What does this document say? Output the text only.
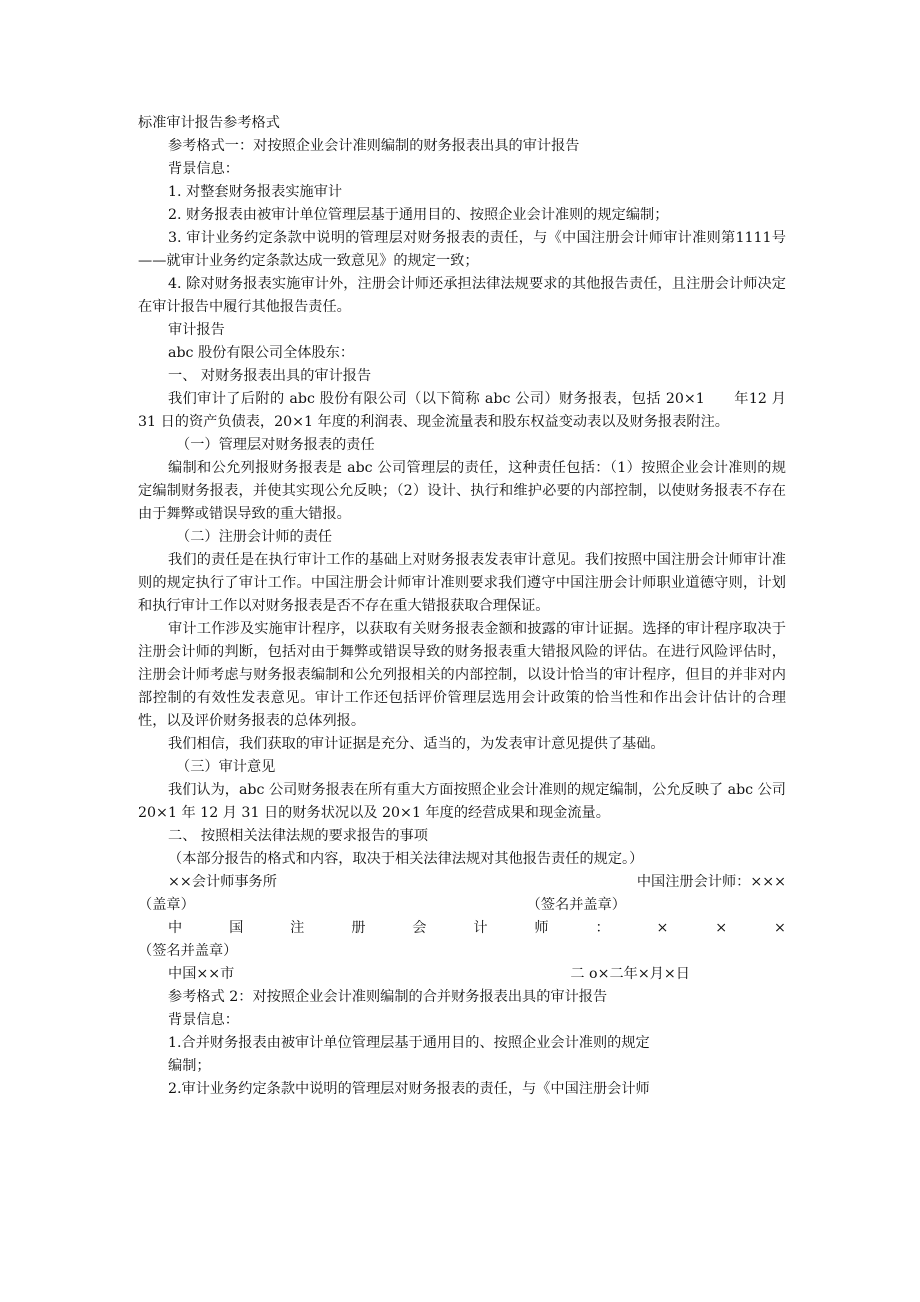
标准审计报告参考格式

参考格式一：对按照企业会计准则编制的财务报表出具的审计报告

背景信息：

1. 对整套财务报表实施审计

2. 财务报表由被审计单位管理层基于通用目的、按照企业会计准则的规定编制；

3. 审计业务约定条款中说明的管理层对财务报表的责任，与《中国注册会计师审计准则第1111号——就审计业务约定条款达成一致意见》的规定一致；

4. 除对财务报表实施审计外，注册会计师还承担法律法规要求的其他报告责任，且注册会计师决定在审计报告中履行其他报告责任。

审计报告

abc 股份有限公司全体股东：

一、 对财务报表出具的审计报告

我们审计了后附的 abc 股份有限公司（以下简称 abc 公司）财务报表，包括 20×1　　年12 月 31 日的资产负债表，20×1 年度的利润表、现金流量表和股东权益变动表以及财务报表附注。

（一）管理层对财务报表的责任

编制和公允列报财务报表是 abc 公司管理层的责任，这种责任包括：（1）按照企业会计准则的规定编制财务报表，并使其实现公允反映；（2）设计、执行和维护必要的内部控制，以使财务报表不存在由于舞弊或错误导致的重大错报。

（二）注册会计师的责任

我们的责任是在执行审计工作的基础上对财务报表发表审计意见。我们按照中国注册会计师审计准则的规定执行了审计工作。中国注册会计师审计准则要求我们遵守中国注册会计师职业道德守则，计划和执行审计工作以对财务报表是否不存在重大错报获取合理保证。

审计工作涉及实施审计程序，以获取有关财务报表金额和披露的审计证据。选择的审计程序取决于注册会计师的判断，包括对由于舞弊或错误导致的财务报表重大错报风险的评估。在进行风险评估时，注册会计师考虑与财务报表编制和公允列报相关的内部控制，以设计恰当的审计程序，但目的并非对内部控制的有效性发表意见。审计工作还包括评价管理层选用会计政策的恰当性和作出会计估计的合理性，以及评价财务报表的总体列报。

我们相信，我们获取的审计证据是充分、适当的，为发表审计意见提供了基础。

（三）审计意见

我们认为，abc 公司财务报表在所有重大方面按照企业会计准则的规定编制，公允反映了 abc 公司 20×1 年 12 月 31 日的财务状况以及 20×1 年度的经营成果和现金流量。

二、 按照相关法律法规的要求报告的事项

（本部分报告的格式和内容，取决于相关法律法规对其他报告责任的规定。）

××会计师事务所	中国注册会计师：×××
（盖章）	（签名并盖章）
中	国	注	册	会	计	师	：	×	×	×

（签名并盖章）

中国××市	二 o×二年×月×日

参考格式 2：对按照企业会计准则编制的合并财务报表出具的审计报告

背景信息：

1.合并财务报表由被审计单位管理层基于通用目的、按照企业会计准则的规定

编制；

2.审计业务约定条款中说明的管理层对财务报表的责任，与《中国注册会计师
